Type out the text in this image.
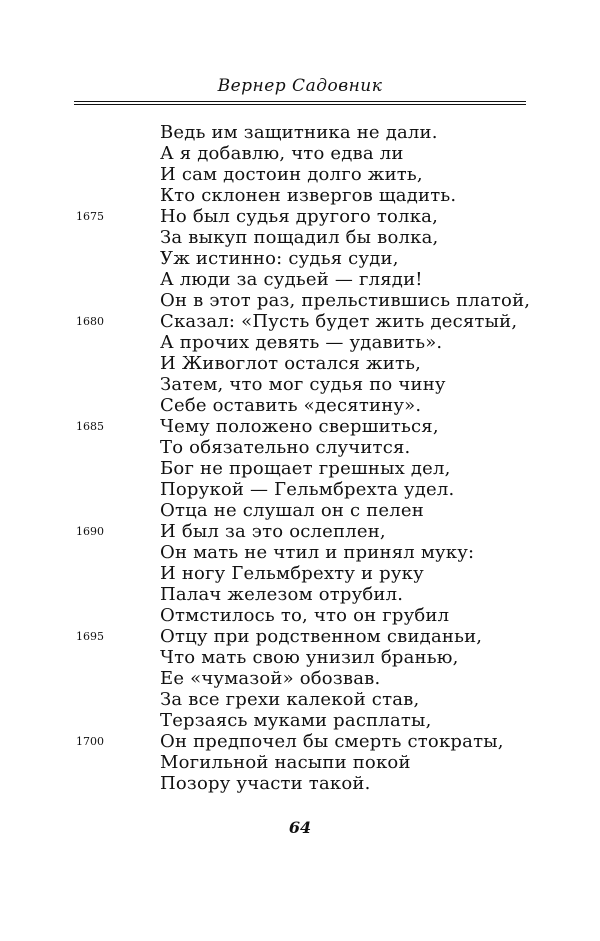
Вернер Садовник
Ведь им защитника не дали.
А я добавлю, что едва ли
И сам достоин долго жить,
Кто склонен извергов щадить.
1675	Но был судья другого толка,
За выкуп пощадил бы волка,
Уж истинно: судья суди,
А люди за судьей — гляди!
Он в этот раз, прельстившись платой,
1680	Сказал: «Пусть будет жить десятый,
А прочих девять — удавить».
И Живоглот остался жить,
Затем, что мог судья по чину
Себе оставить «десятину».
1685	Чему положено свершиться,
То обязательно случится.
Бог не прощает грешных дел,
Порукой — Гельмбрехта удел.
Отца не слушал он с пелен
1690	И был за это ослеплен,
Он мать не чтил и принял муку:
И ногу Гельмбрехту и руку
Палач железом отрубил.
Отмстилось то, что он грубил
1695	Отцу при родственном свиданьи,
Что мать свою унизил бранью,
Ее «чумазой» обозвав.
За все грехи калекой став,
Терзаясь муками расплаты,
1700	Он предпочел бы смерть стократы,
Могильной насыпи покой
Позору участи такой.
64
